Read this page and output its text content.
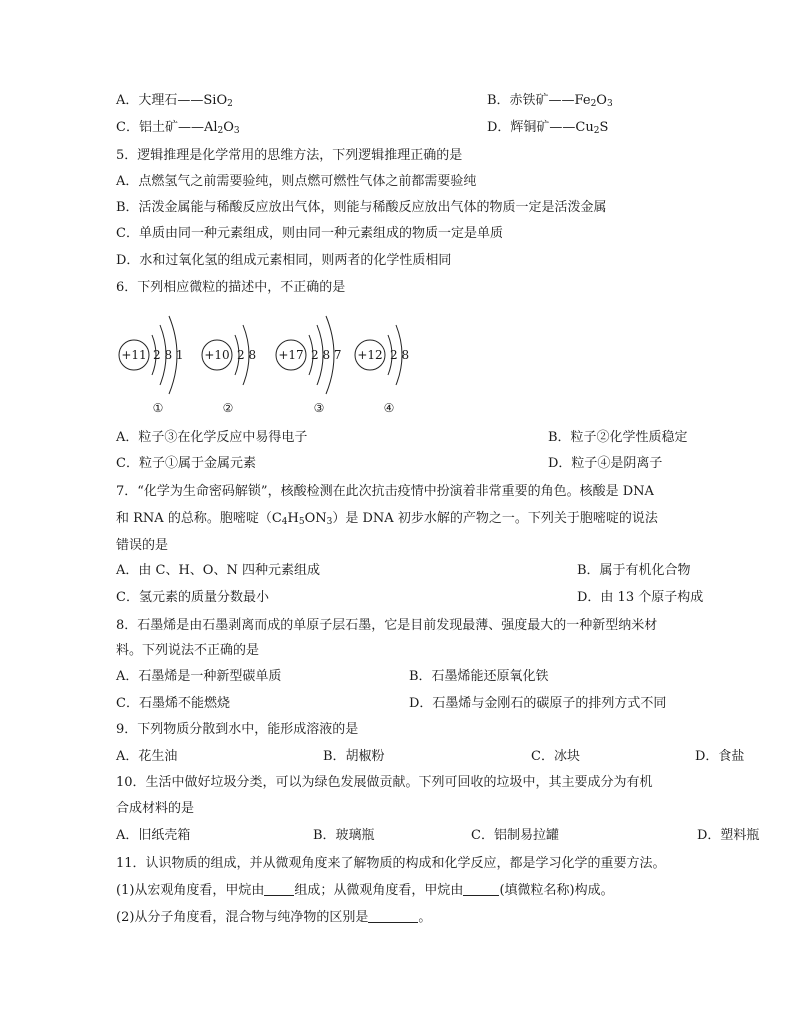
A．大理石——SiO$_2$	B．赤铁矿$——Fe_2O_3$
C．铝土矿$——Al_2O_3$	D．辉铜矿$——Cu_2S$
5．逻辑推理是化学常用的思维方法，下列逻辑推理正确的是
A．点燃氢气之前需要验纯，则点燃可燃性气体之前都需要验纯
B．活泼金属能与稀酸反应放出气体，则能与稀酸反应放出气体的物质一定是活泼金属
C．单质由同一种元素组成，则由同一种元素组成的物质一定是单质
D．水和过氧化氢的组成元素相同，则两者的化学性质相同
6．下列相应微粒的描述中，不正确的是
+11 2 8 1
①
+10 2 8
②
+17 2 8 7
③
+12 2 8
④
A．粒子③在化学反应中易得电子	B．粒子②化学性质稳定
C．粒子①属于金属元素	D．粒子④是阴离子
7．“化学为生命密码解锁”，核酸检测在此次抗击疫情中扮演着非常重要的角色。核酸是 DNA
和 RNA 的总称。胞嘧啶$(C_4H_5ON_3)$是 DNA 初步水解的产物之一。下列关于胞嘧啶的说法
错误的是
A．由 C、H、O、N 四种元素组成	B．属于有机化合物
C．氢元素的质量分数最小	D．由 13 个原子构成
8．石墨烯是由石墨剥离而成的单原子层石墨，它是目前发现最薄、强度最大的一种新型纳米材
料。下列说法不正确的是
A．石墨烯是一种新型碳单质	B．石墨烯能还原氧化铁
C．石墨烯不能燃烧	D．石墨烯与金刚石的碳原子的排列方式不同
9．下列物质分散到水中，能形成溶液的是
A．花生油	B．胡椒粉	C．冰块	D．食盐
10．生活中做好垃圾分类，可以为绿色发展做贡献。下列可回收的垃圾中，其主要成分为有机
合成材料的是
A．旧纸壳箱	B．玻璃瓶	C．铝制易拉罐	D．塑料瓶
11．认识物质的组成，并从微观角度来了解物质的构成和化学反应，都是学习化学的重要方法。
(1)从宏观角度看，甲烷由 组成；从微观角度看，甲烷由	(填微粒名称)构成。
(2)从分子角度看，混合物与纯净物的区别是	。
